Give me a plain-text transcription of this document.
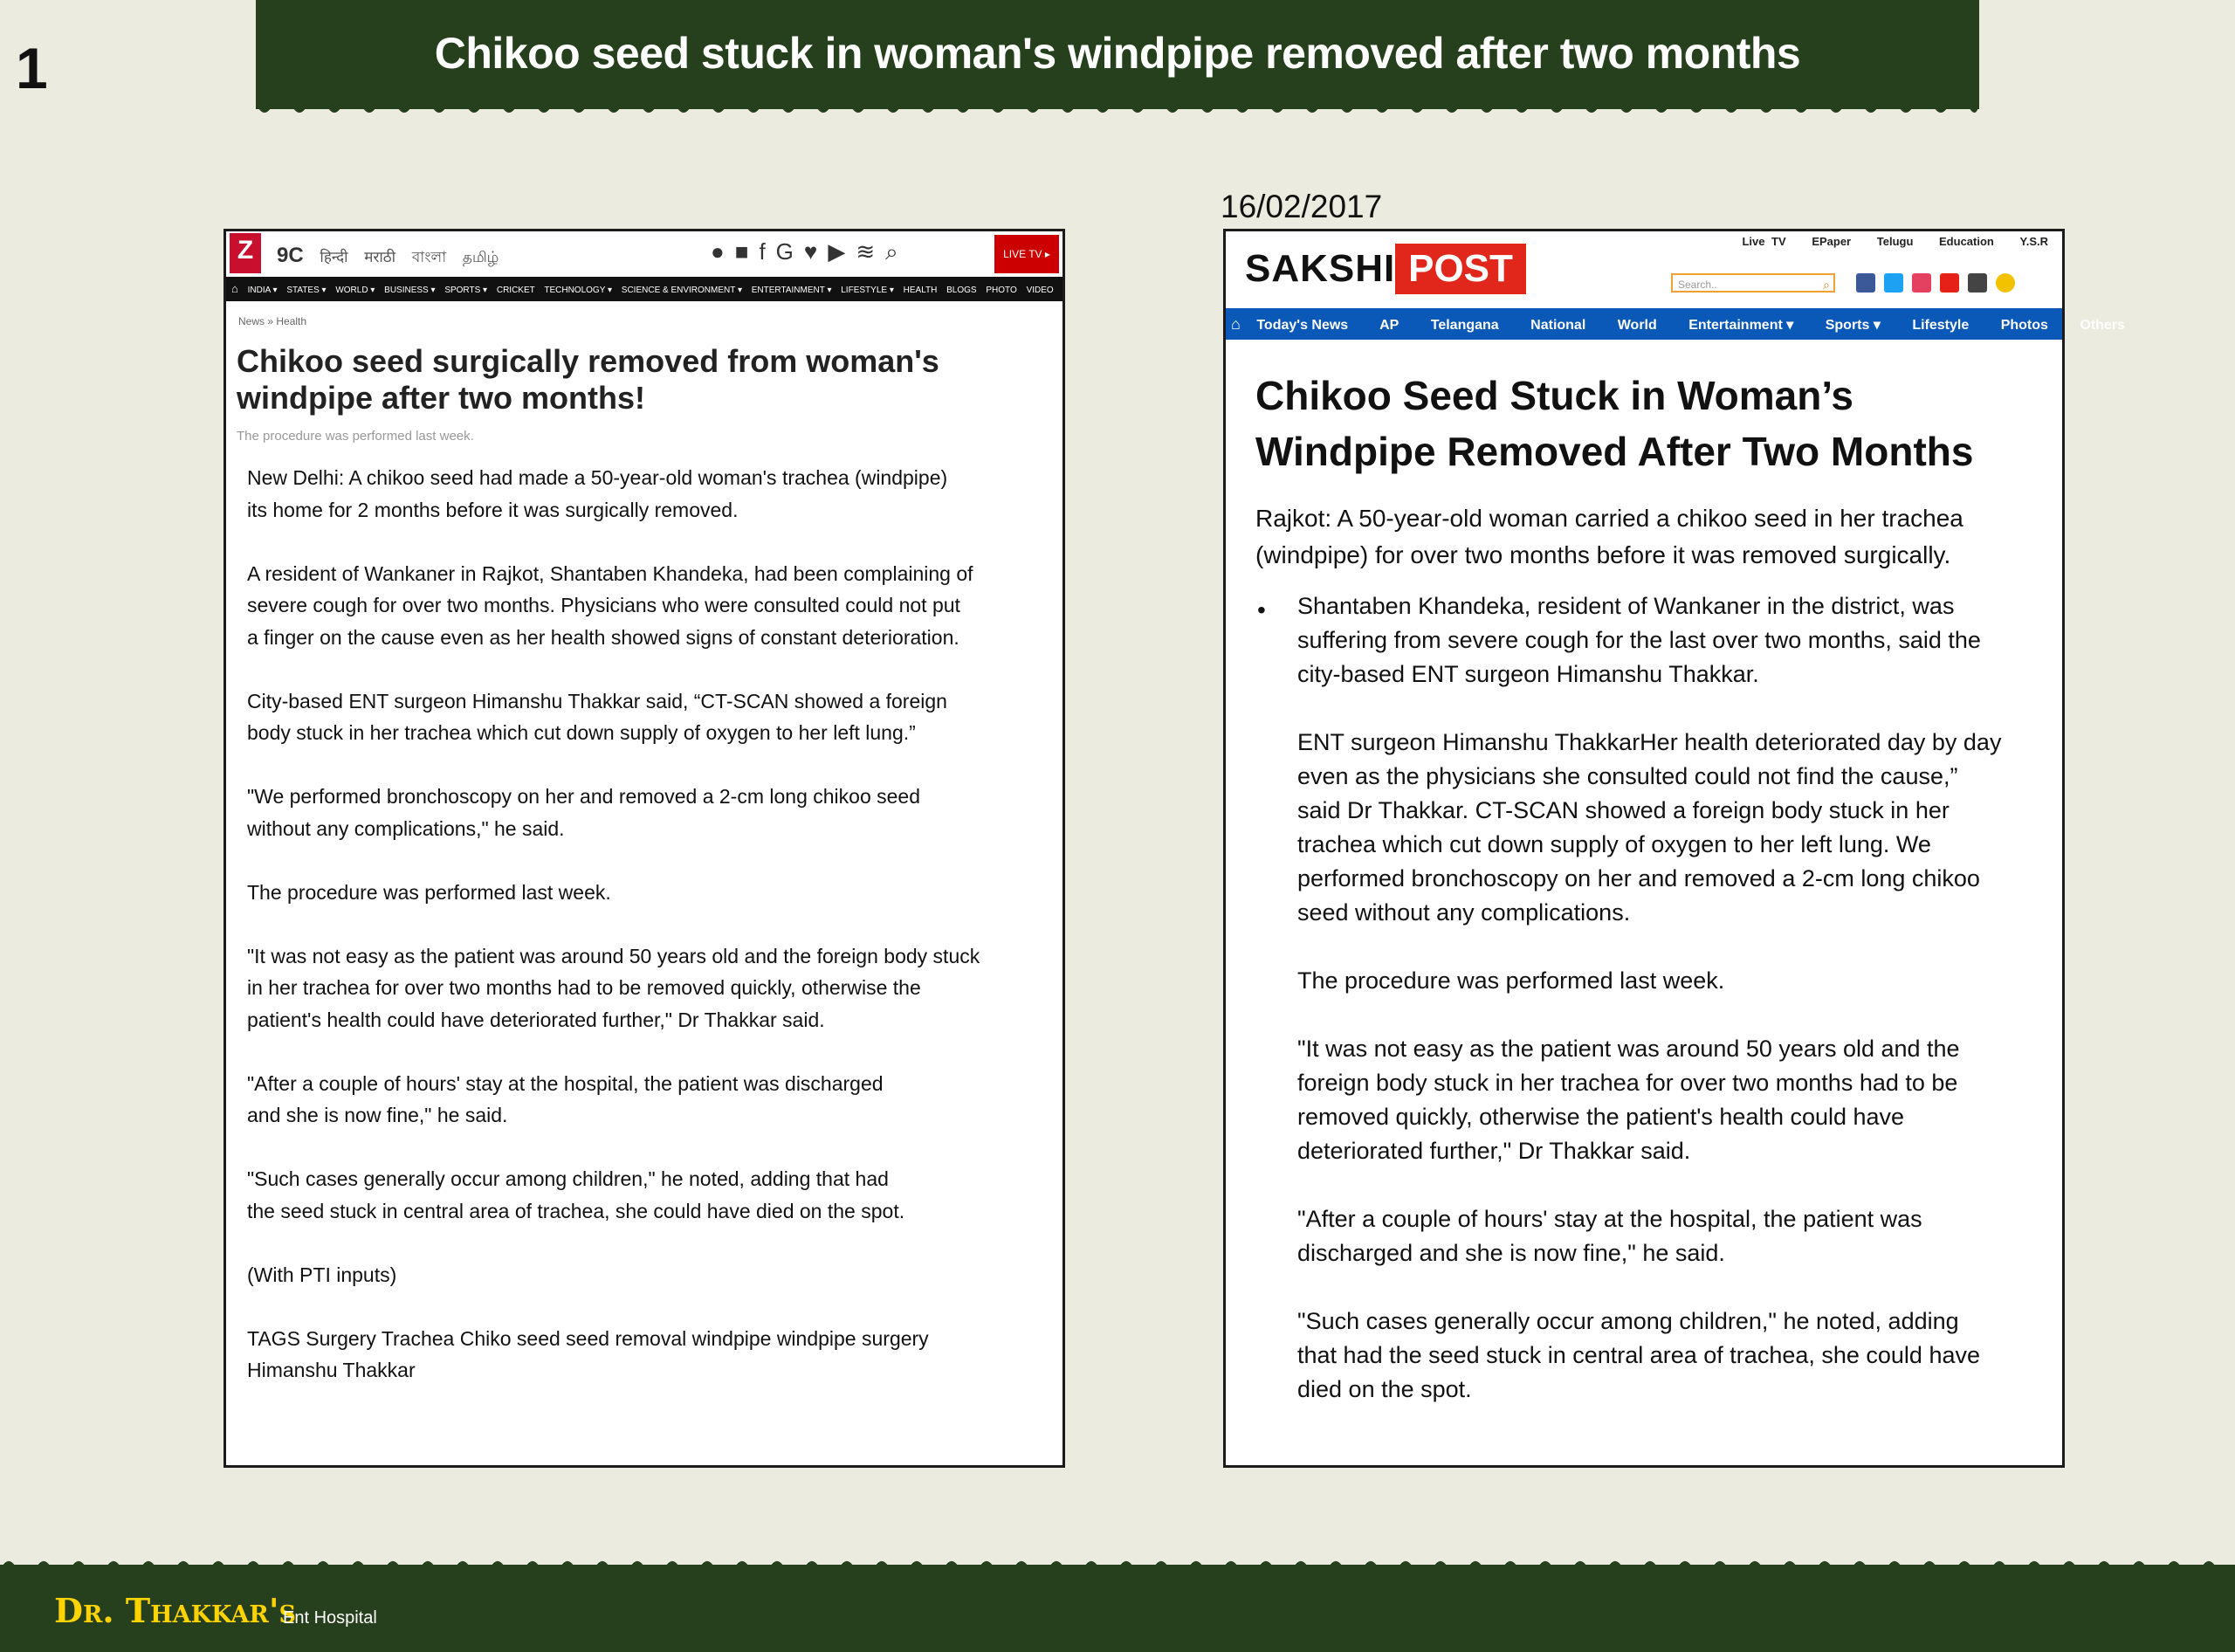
1	Chikoo seed stuck in woman's windpipe removed after two months
16/02/2017
Z	9C हिन्दी मराठी বাংলা தமிழ்	●■fG♥▶≋⌕	LIVE TV ▸
⌂ INDIA ▾ STATES ▾ WORLD ▾ BUSINESS ▾ SPORTS ▾ CRICKET TECHNOLOGY ▾ SCIENCE & ENVIRONMENT ▾ ENTERTAINMENT ▾ LIFESTYLE ▾ HEALTH BLOGS PHOTO VIDEO
News » Health
Chikoo seed surgically removed from woman's windpipe after two months!
The procedure was performed last week.
New Delhi: A chikoo seed had made a 50-year-old woman's trachea (windpipe)
its home for 2 months before it was surgically removed.

A resident of Wankaner in Rajkot, Shantaben Khandeka, had been complaining of
severe cough for over two months. Physicians who were consulted could not put
a finger on the cause even as her health showed signs of constant deterioration.

City-based ENT surgeon Himanshu Thakkar said, “CT-SCAN showed a foreign
body stuck in her trachea which cut down supply of oxygen to her left lung.”

"We performed bronchoscopy on her and removed a 2-cm long chikoo seed
without any complications," he said.

The procedure was performed last week.

"It was not easy as the patient was around 50 years old and the foreign body stuck
in her trachea for over two months had to be removed quickly, otherwise the
patient's health could have deteriorated further," Dr Thakkar said.

"After a couple of hours' stay at the hospital, the patient was discharged
and she is now fine," he said.

"Such cases generally occur among children," he noted, adding that had
the seed stuck in central area of trachea, she could have died on the spot.

(With PTI inputs)

TAGS Surgery Trachea Chiko seed seed removal windpipe windpipe surgery
Himanshu Thakkar
SAKSHI POST
Live TV EPaper Telugu Education Y.S.R
Search..	⌕
⌂ Today's News AP Telangana National World Entertainment ▾ Sports ▾ Lifestyle Photos Others
Chikoo Seed Stuck in Woman’s Windpipe Removed After Two Months
Rajkot: A 50-year-old woman carried a chikoo seed in her trachea
(windpipe) for over two months before it was removed surgically.
• Shantaben Khandeka, resident of Wankaner in the district, was
suffering from severe cough for the last over two months, said the
city-based ENT surgeon Himanshu Thakkar.

ENT surgeon Himanshu ThakkarHer health deteriorated day by day
even as the physicians she consulted could not find the cause,”
said Dr Thakkar. CT-SCAN showed a foreign body stuck in her
trachea which cut down supply of oxygen to her left lung. We
performed bronchoscopy on her and removed a 2-cm long chikoo
seed without any complications.

The procedure was performed last week.

"It was not easy as the patient was around 50 years old and the
foreign body stuck in her trachea for over two months had to be
removed quickly, otherwise the patient's health could have
deteriorated further," Dr Thakkar said.

"After a couple of hours' stay at the hospital, the patient was
discharged and she is now fine," he said.

"Such cases generally occur among children," he noted, adding
that had the seed stuck in central area of trachea, she could have
died on the spot.
Dr. Thakkar's
Ent Hospital
